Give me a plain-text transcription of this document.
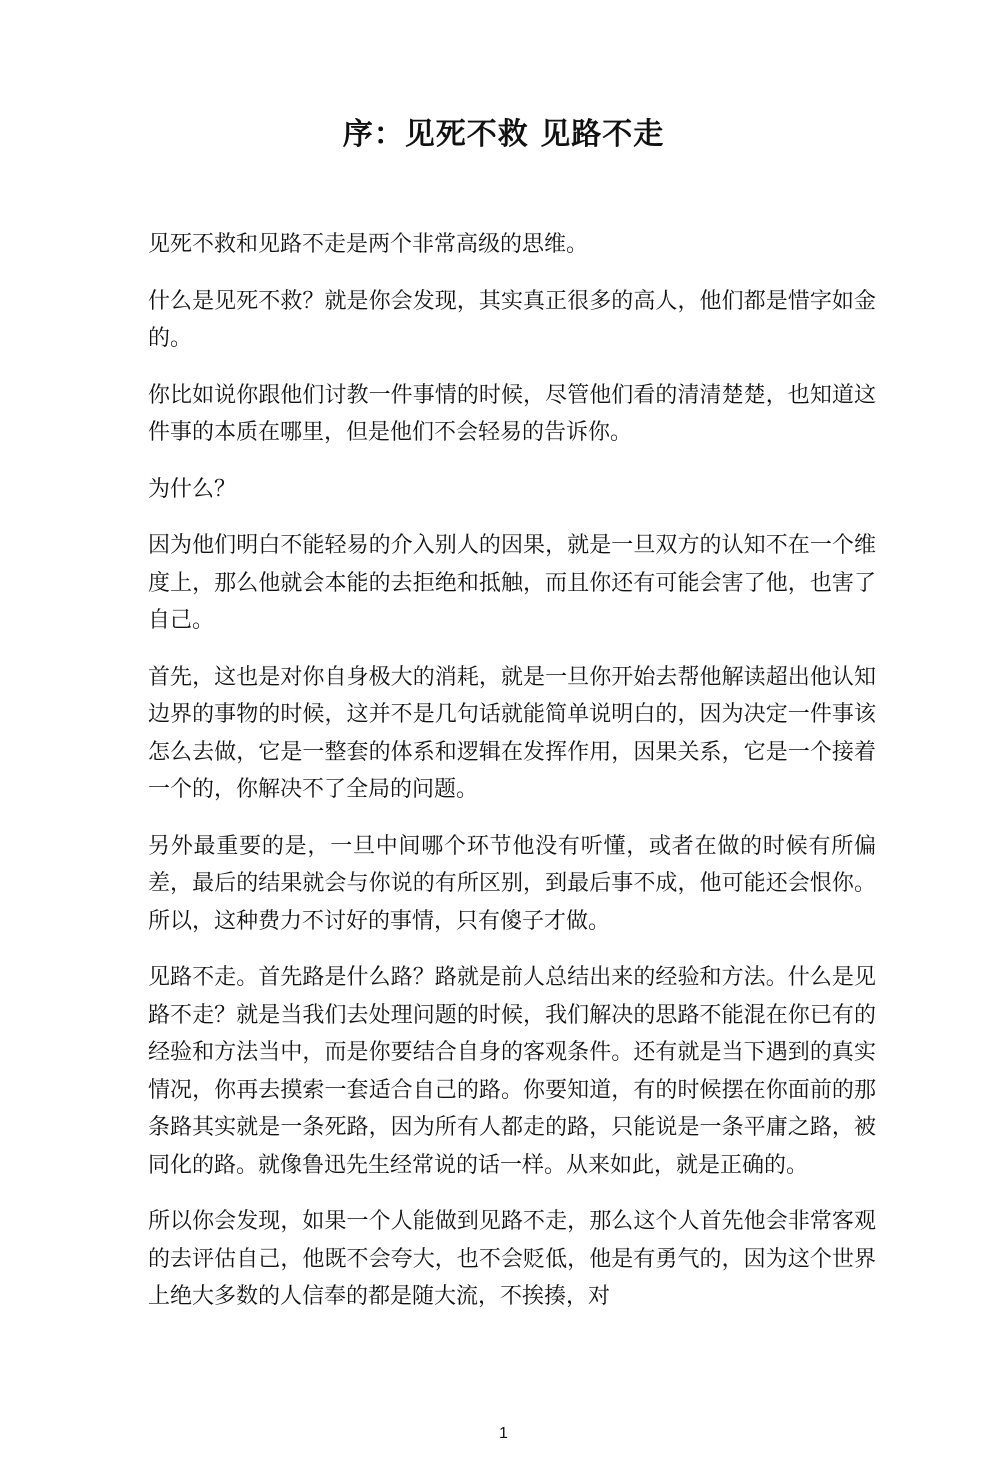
序：见死不救 见路不走

见死不救和见路不走是两个非常高级的思维。

什么是见死不救？就是你会发现，其实真正很多的高人，他们都是惜字如金的。

你比如说你跟他们讨教一件事情的时候，尽管他们看的清清楚楚，也知道这件事的本质在哪里，但是他们不会轻易的告诉你。

为什么？

因为他们明白不能轻易的介入别人的因果，就是一旦双方的认知不在一个维度上，那么他就会本能的去拒绝和抵触，而且你还有可能会害了他，也害了自己。

首先，这也是对你自身极大的消耗，就是一旦你开始去帮他解读超出他认知边界的事物的时候，这并不是几句话就能简单说明白的，因为决定一件事该怎么去做，它是一整套的体系和逻辑在发挥作用，因果关系，它是一个接着一个的，你解决不了全局的问题。

另外最重要的是，一旦中间哪个环节他没有听懂，或者在做的时候有所偏差，最后的结果就会与你说的有所区别，到最后事不成，他可能还会恨你。所以，这种费力不讨好的事情，只有傻子才做。

见路不走。首先路是什么路？路就是前人总结出来的经验和方法。什么是见路不走？就是当我们去处理问题的时候，我们解决的思路不能混在你已有的经验和方法当中，而是你要结合自身的客观条件。还有就是当下遇到的真实情况，你再去摸索一套适合自己的路。你要知道，有的时候摆在你面前的那条路其实就是一条死路，因为所有人都走的路，只能说是一条平庸之路，被同化的路。就像鲁迅先生经常说的话一样。从来如此，就是正确的。

所以你会发现，如果一个人能做到见路不走，那么这个人首先他会非常客观的去评估自己，他既不会夸大，也不会贬低，他是有勇气的，因为这个世界上绝大多数的人信奉的都是随大流，不挨揍，对

1
